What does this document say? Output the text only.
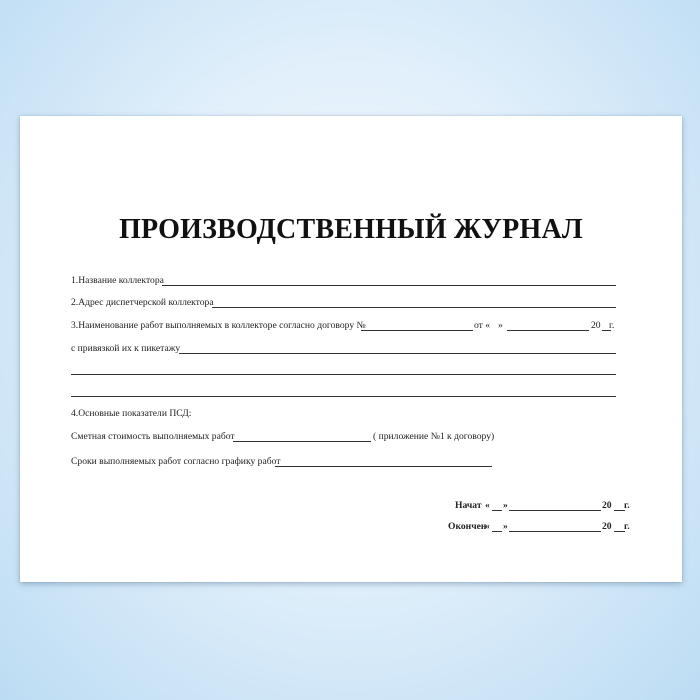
ПРОИЗВОДСТВЕННЫЙ ЖУРНАЛ
1.Название коллектора
2.Адрес диспетчерской коллектора
3.Наименование работ выполняемых в коллекторе согласно договору №	от « »	20 г.
с привязкой их к пикетажу
4.Основные показатели ПСД:
Сметная стоимость выполняемых работ	( приложение №1 к договору)
Сроки выполняемых работ согласно графику работ
Начат « »	20 г.
Окончен
« »	20 г.
